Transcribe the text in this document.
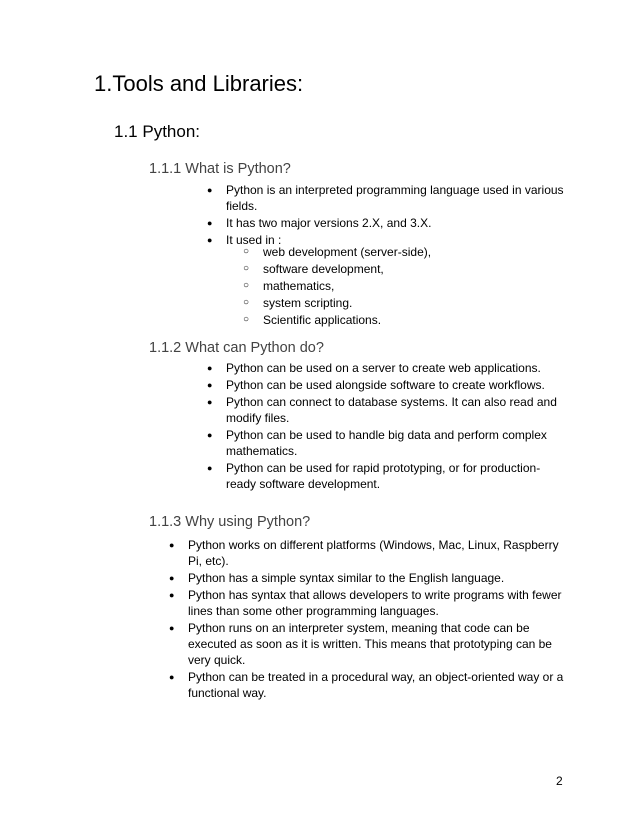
1.Tools and Libraries:
1.1 Python:
1.1.1 What is Python?
● Python is an interpreted programming language used in various fields.
● It has two major versions 2.X, and 3.X.
● It used in :
○ web development (server-side),
○ software development,
○ mathematics,
○ system scripting.
○ Scientific applications.
1.1.2 What can Python do?
● Python can be used on a server to create web applications.
● Python can be used alongside software to create workflows.
● Python can connect to database systems. It can also read and modify files.
● Python can be used to handle big data and perform complex mathematics.
● Python can be used for rapid prototyping, or for production-ready software development.
1.1.3 Why using Python?
● Python works on different platforms (Windows, Mac, Linux, Raspberry Pi, etc).
● Python has a simple syntax similar to the English language.
● Python has syntax that allows developers to write programs with fewer lines than some other programming languages.
● Python runs on an interpreter system, meaning that code can be executed as soon as it is written. This means that prototyping can be very quick.
● Python can be treated in a procedural way, an object-oriented way or a functional way.
2
